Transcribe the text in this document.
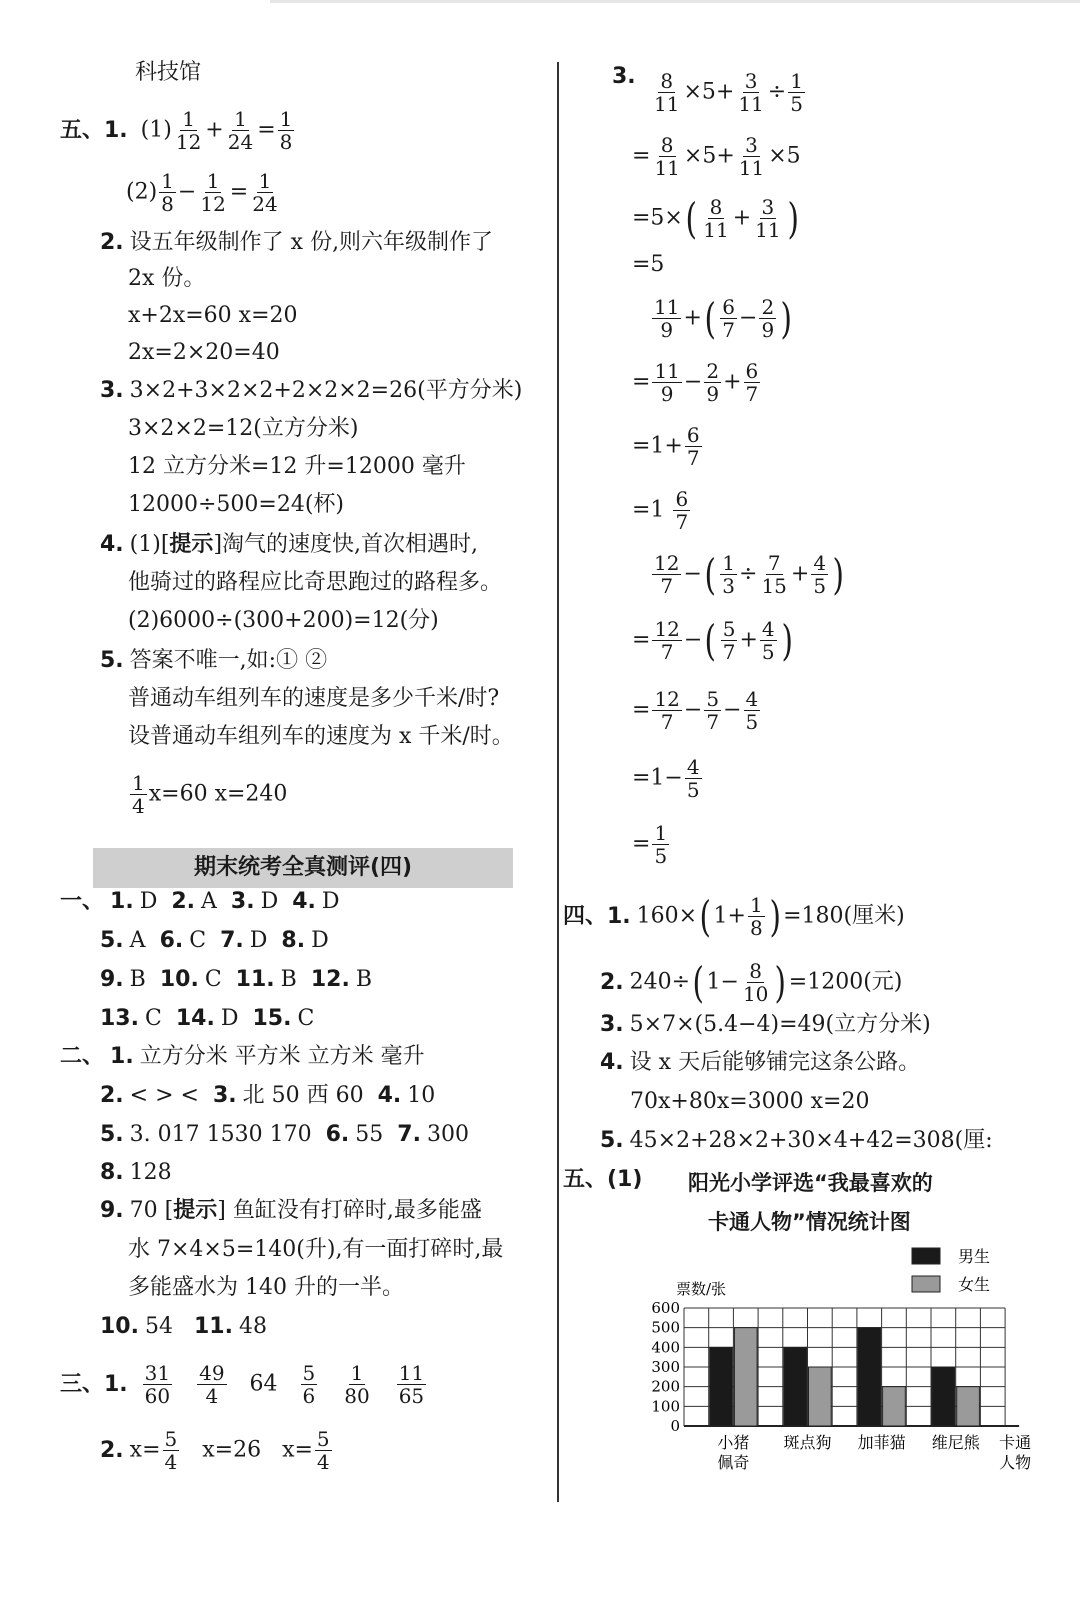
科技馆
五、1. $(1) \frac{1}{12} + \frac{1}{24} = \frac{1}{8}$
$(2) \frac{1}{8} - \frac{1}{12} = \frac{1}{24}$
2. 设五年级制作了 x 份,则六年级制作了
2x 份。
x+2x=60 x=20
2x=2×20=40
3. 3×2+3×2×2+2×2×2=26(平方分米)
3×2×2=12(立方分米)
12 立方分米=12 升=12000 毫升
12000÷500=24(杯)
4. (1)[提示]淘气的速度快,首次相遇时,
他骑过的路程应比奇思跑过的路程多。
(2)6000÷(300+200)=12(分)
5. 答案不唯一,如:① ②
普通动车组列车的速度是多少千米/时?
设普通动车组列车的速度为 x 千米/时。
$\frac{1}{4} x=60$ x=240
期末统考全真测评(四)
一、 1. D 2. A 3. D 4. D
5. A 6. C 7. D 8. D
9. B 10. C 11. B 12. B
13. C 14. D 15. C
二、 1. 立方分米 平方米 立方米 毫升
2. < > < 3. 北 50 西 60 4. 10
5. 3. 017 1530 170 6. 55 7. 300
8. 128
9. 70 [提示] 鱼缸没有打碎时,最多能盛
水 7×4×5=140(升),有一面打碎时,最
多能盛水为 140 升的一半。
10. 54 11. 48
三、1. $\frac{31}{60}$
$\frac{49}{4} 64 \frac{5}{6}$
$\frac{1}{80}$
$\frac{11}{65}$
2. $x= \frac{5}{4} x=26$ $x= \frac{5}{4}$
3. $\frac{8}{11} \times 5+ \frac{3}{11} \div \frac{1}{5}$
= $\frac{8}{11} \times 5+ \frac{3}{11} \times 5$
$=5\times( \frac{8}{11} + \frac{3}{11}$ )
=5
$\frac{11}{9}$ +( $\frac{6}{7} - \frac{2}{9}$ )
= $\frac{11}{9} - \frac{2}{9} + \frac{6}{7}$
$=1+ \frac{6}{7}$
$=1 \frac{6}{7}$
$\frac{12}{7}$ −( $\frac{1}{3} \div \frac{7}{15} + \frac{4}{5}$ )
= $\frac{12}{7}$ −( $\frac{5}{7} + \frac{4}{5}$ )
= $\frac{12}{7} - \frac{5}{7} - \frac{4}{5}$
$=1- \frac{4}{5}$
= $\frac{1}{5}$
四、1. 160×( $1+ \frac{1}{8}$ ) =180(厘米)
2. 240÷( $1- \frac{8}{10}$ ) =1200(元)
3. 5×7×(5.4−4)=49(立方分米)
4. 设 x 天后能够铺完这条公路。
70x+80x=3000 x=20
5. 45×2+28×2+30×4+42=308(厘:
五、(1) 阳光小学评选“我最喜欢的
卡通人物”情况统计图
0
100
200
300
400
500
600
票数/张
小猪
佩奇
斑点狗 加菲猫 维尼熊 卡通
人物
男生
女生
